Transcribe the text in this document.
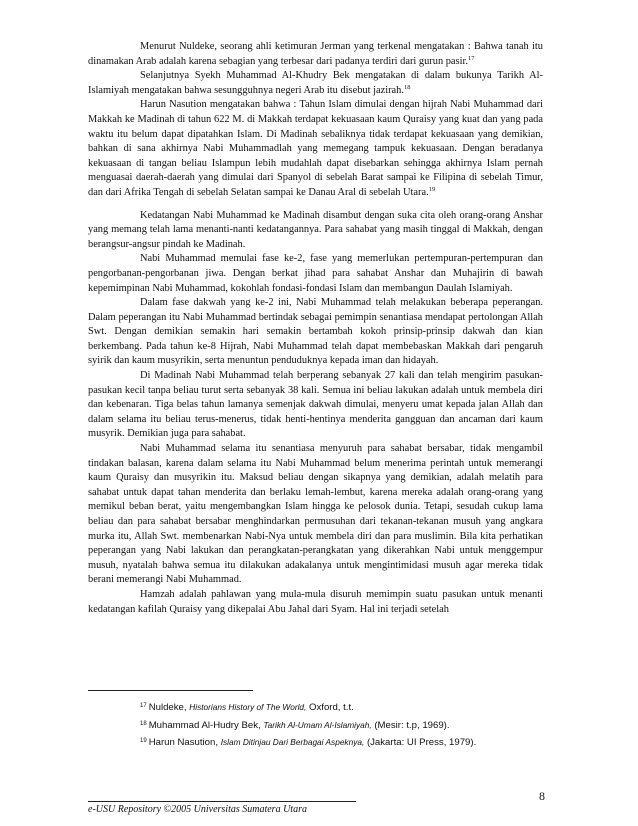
Menurut Nuldeke, seorang ahli ketimuran Jerman yang terkenal mengatakan : Bahwa tanah itu dinamakan Arab adalah karena sebagian yang terbesar dari padanya terdiri dari gurun pasir.$^{17}$

Selanjutnya Syekh Muhammad Al-Khudry Bek mengatakan di dalam bukunya Tarikh Al-Islamiyah mengatakan bahwa sesungguhnya negeri Arab itu disebut jazirah.$^{18}$

Harun Nasution mengatakan bahwa : Tahun Islam dimulai dengan hijrah Nabi Muhammad dari Makkah ke Madinah di tahun 622 M. di Makkah terdapat kekuasaan kaum Quraisy yang kuat dan yang pada waktu itu belum dapat dipatahkan Islam. Di Madinah sebaliknya tidak terdapat kekuasaan yang demikian, bahkan di sana akhirnya Nabi Muhammadlah yang memegang tampuk kekuasaan. Dengan beradanya kekuasaan di tangan beliau Islampun lebih mudahlah dapat disebarkan sehingga akhirnya Islam pernah menguasai daerah-daerah yang dimulai dari Spanyol di sebelah Barat sampai ke Filipina di sebelah Timur, dan dari Afrika Tengah di sebelah Selatan sampai ke Danau Aral di sebelah Utara.$^{19}$

Kedatangan Nabi Muhammad ke Madinah disambut dengan suka cita oleh orang-orang Anshar yang memang telah lama menanti-nanti kedatangannya. Para sahabat yang masih tinggal di Makkah, dengan berangsur-angsur pindah ke Madinah.

Nabi Muhammad memulai fase ke-2, fase yang memerlukan pertempuran-pertempuran dan pengorbanan-pengorbanan jiwa. Dengan berkat jihad para sahabat Anshar dan Muhajirin di bawah kepemimpinan Nabi Muhammad, kokohlah fondasi-fondasi Islam dan membangun Daulah Islamiyah.

Dalam fase dakwah yang ke-2 ini, Nabi Muhammad telah melakukan beberapa peperangan. Dalam peperangan itu Nabi Muhammad bertindak sebagai pemimpin senantiasa mendapat pertolongan Allah Swt. Dengan demikian semakin hari semakin bertambah kokoh prinsip-prinsip dakwah dan kian berkembang. Pada tahun ke-8 Hijrah, Nabi Muhammad telah dapat membebaskan Makkah dari pengaruh syirik dan kaum musyrikin, serta menuntun penduduknya kepada iman dan hidayah.

Di Madinah Nabi Muhammad telah berperang sebanyak 27 kali dan telah mengirim pasukan-pasukan kecil tanpa beliau turut serta sebanyak 38 kali. Semua ini beliau lakukan adalah untuk membela diri dan kebenaran. Tiga belas tahun lamanya semenjak dakwah dimulai, menyeru umat kepada jalan Allah dan dalam selama itu beliau terus-menerus, tidak henti-hentinya menderita gangguan dan ancaman dari kaum musyrik. Demikian juga para sahabat.

Nabi Muhammad selama itu senantiasa menyuruh para sahabat bersabar, tidak mengambil tindakan balasan, karena dalam selama itu Nabi Muhammad belum menerima perintah untuk memerangi kaum Quraisy dan musyrikin itu. Maksud beliau dengan sikapnya yang demikian, adalah melatih para sahabat untuk dapat tahan menderita dan berlaku lemah-lembut, karena mereka adalah orang-orang yang memikul beban berat, yaitu mengembangkan Islam hingga ke pelosok dunia. Tetapi, sesudah cukup lama beliau dan para sahabat bersabar menghindarkan permusuhan dari tekanan-tekanan musuh yang angkara murka itu, Allah Swt. membenarkan Nabi-Nya untuk membela diri dan para muslimin. Bila kita perhatikan peperangan yang Nabi lakukan dan perangkatan-perangkatan yang dikerahkan Nabi untuk menggempur musuh, nyatalah bahwa semua itu dilakukan adakalanya untuk mengintimidasi musuh agar mereka tidak berani memerangi Nabi Muhammad.

Hamzah adalah pahlawan yang mula-mula disuruh memimpin suatu pasukan untuk menanti kedatangan kafilah Quraisy yang dikepalai Abu Jahal dari Syam. Hal ini terjadi setelah

$^{17}$ Nuldeke, Historians History of The World, Oxford, t.t.
$^{18}$ Muhammad Al-Hudry Bek, Tarikh Al-Umam Al-Islamiyah, (Mesir: t.p, 1969).
$^{19}$ Harun Nasution, Islam Ditinjau Dari Berbagai Aspeknya, (Jakarta: UI Press, 1979).
8
e-USU Repository ©2005 Universitas Sumatera Utara
